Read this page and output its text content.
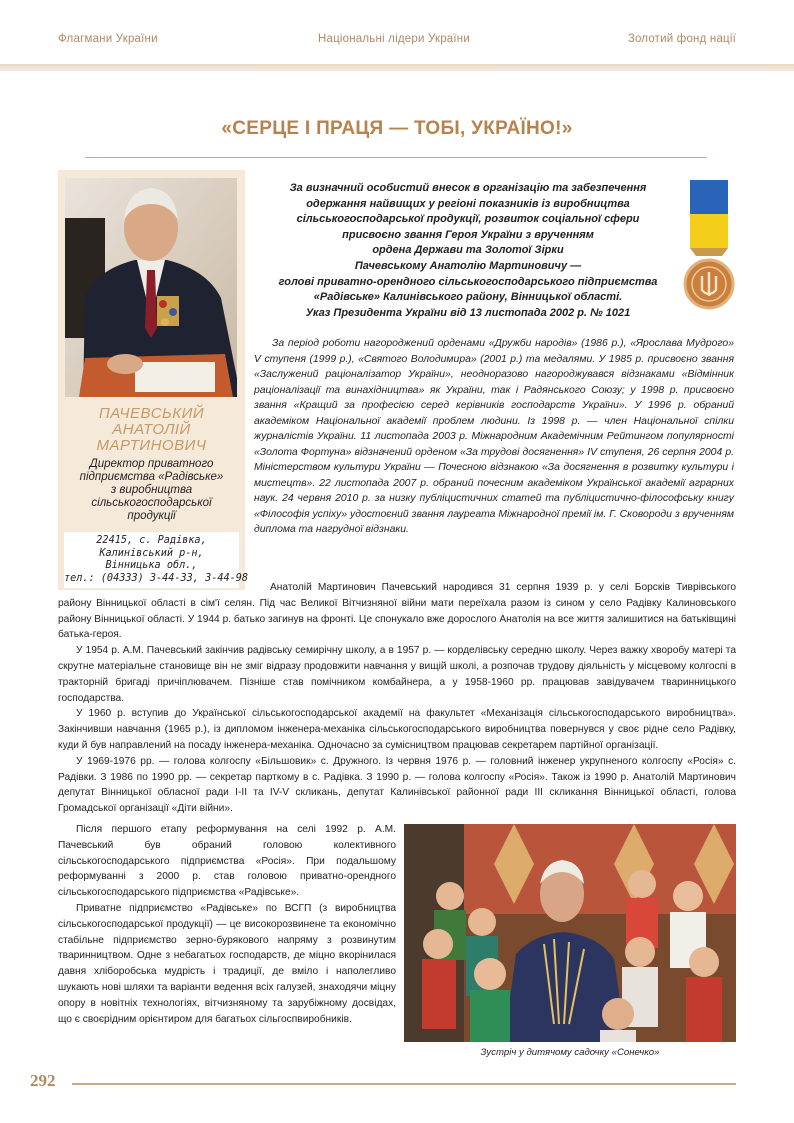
Флагмани України	Національні лідери України	Золотий фонд нації
«СЕРЦЕ І ПРАЦЯ — ТОБІ, УКРАЇНО!»
ПАЧЕВСЬКИЙ
АНАТОЛІЙ
МАРТИНОВИЧ
Директор приватного
підприємства «Радівське»
з виробництва
сільськогосподарської
продукції
22415, с. Радівка,
Калинівський р-н,
Вінницька обл.,
тел.: (04333) 3-44-33, 3-44-98
За визначний особистий внесок в організацію та забезпечення
одержання найвищих у регіоні показників із виробництва
сільськогосподарської продукції, розвиток соціальної сфери
присвоєно звання Героя України з врученням
ордена Держави та Золотої Зірки
Пачевському Анатолію Мартиновичу —
голові приватно-орендного сільськогосподарського підприємства
«Радівське» Калинівського району, Вінницької області.
Указ Президента України від 13 листопада 2002 р. № 1021

За період роботи нагороджений орденами «Дружби народів» (1986 р.), «Ярослава Мудрого» V ступеня (1999 р.), «Святого Володимира» (2001 р.) та медалями. У 1985 р. присвоєно звання «Заслужений раціоналізатор України», неодноразово нагороджувався відзнаками «Відмінник раціоналізації та винахідництва» як України, так і Радянського Союзу; у 1998 р. присвоєно звання «Кращий за професією серед керівників господарств України». У 1996 р. обраний академіком Національної академії проблем людини. Із 1998 р. — член Національної спілки журналістів України. 11 листопада 2003 р. Міжнародним Академічним Рейтингом популярності «Золота Фортуна» відзначений орденом «За трудові досягнення» IV ступеня, 26 серпня 2004 р. Міністерством культури України — Почесною відзнакою «За досягнення в розвитку культури і мистецтв». 22 листопада 2007 р. обраний почесним академіком Української академії аграрних наук. 24 червня 2010 р. за низку публіцистичних статей та публіцистично-філософську книгу «Філософія успіху» удостоєний звання лауреата Міжнародної премії ім. Г. Сковороди з врученням диплома та нагрудної відзнаки.

Анатолій Мартинович Пачевський народився 31 серпня 1939 р. у селі Борсків Тиврівського району Вінницької області в сім'ї селян. Під час Великої Вітчизняної війни мати переїхала разом із сином у село Радівку Калиновського району Вінницької області. У 1944 р. батько загинув на фронті. Це спонукало вже дорослого Анатолія на все життя залишитися на батьківщині батька-героя.

У 1954 р. А.М. Пачевський закінчив радівську семирічну школу, а в 1957 р. — корделівську середню школу. Через важку хворобу матері та скрутне матеріальне становище він не зміг відразу продовжити навчання у вищій школі, а розпочав трудову діяльність у місцевому колгоспі в тракторній бригаді причіплювачем. Пізніше став помічником комбайнера, а у 1958-1960 рр. працював завідувачем тваринницького господарства.

У 1960 р. вступив до Української сільськогосподарської академії на факультет «Механізація сільськогосподарського виробництва». Закінчивши навчання (1965 р.), із дипломом інженера-механіка сільськогосподарського виробництва повернувся у своє рідне село Радівку, куди й був направлений на посаду інженера-механіка. Одночасно за сумісництвом працював секретарем партійної організації.

У 1969-1976 рр. — голова колгоспу «Більшовик» с. Дружного. Із червня 1976 р. — головний інженер укрупненого колгоспу «Росія» с. Радівки. З 1986 по 1990 рр. — секретар парткому в с. Радівка. З 1990 р. — голова колгоспу «Росія». Також із 1990 р. Анатолій Мартинович депутат Вінницької обласної ради I-II та IV-V скликань, депутат Калинівської районної ради III скликання Вінницької області, голова Громадської організації «Діти війни».

Після першого етапу реформування на селі 1992 р. А.М. Пачевський був обраний головою колективного сільськогосподарського підприємства «Росія». При подальшому реформуванні з 2000 р. став головою приватно-орендного сільськогосподарського підприємства «Радівське».

Приватне підприємство «Радівське» по ВСГП (з виробництва сільськогосподарської продукції) — це високорозвинене та економічно стабільне підприємство зерно-бурякового напряму з розвинутим тваринництвом. Одне з небагатьох господарств, де міцно вкорінилася давня хліборобська мудрість і традиції, де вміло і наполегливо шукають нові шляхи та варіанти ведення всіх галузей, знаходячи міцну опору в новітніх технологіях, вітчизняному та зарубіжному досвідах, що є своєрідним орієнтиром для багатьох сільгоспвиробників.

Зустріч у дитячому садочку «Сонечко»
292
